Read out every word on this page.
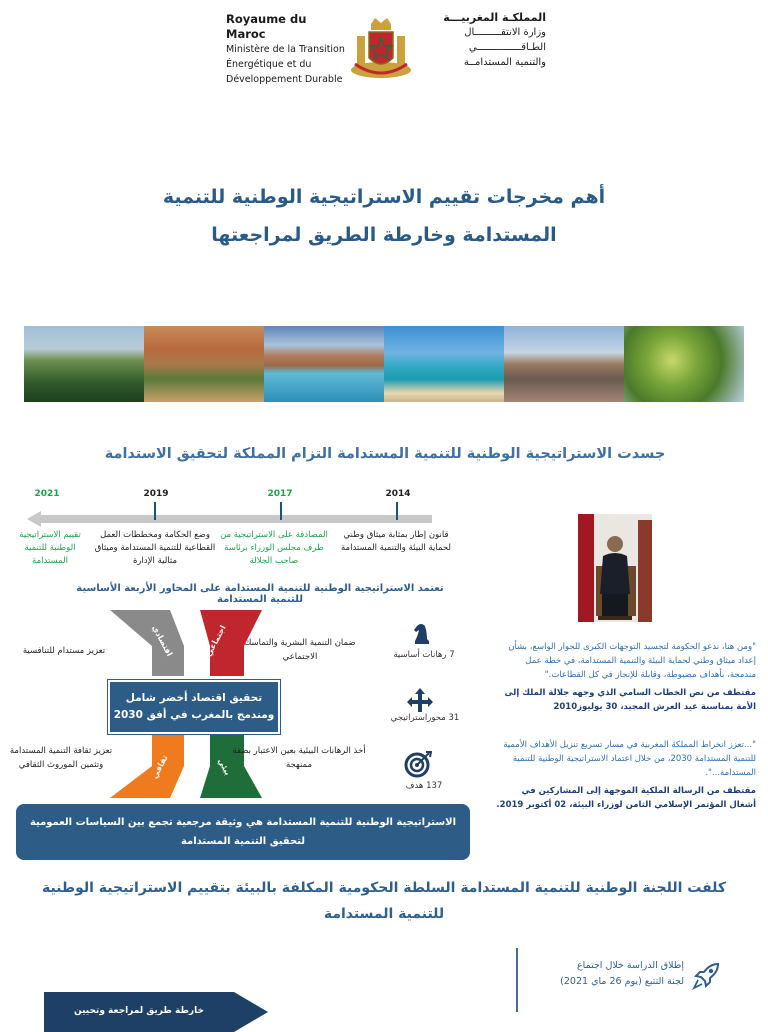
Royaume du Maroc
Ministère de la Transition
Énergétique et du
Développement Durable
المملكـة المغربيـــة
وزارة الانتقـــــــــال
الطـاقـــــــــــــــي
والتنمية المستدامــة
أهم مخرجات تقييم الاستراتيجية الوطنية للتنمية
المستدامة وخارطة الطريق لمراجعتها
جسدت الاستراتيجية الوطنية للتنمية المستدامة التزام المملكة لتحقيق الاستدامة
2021	2019	2017	2014
تقييم الاستراتيجية الوطنية للتنمية المستدامة
وضع الحكامة ومخططات العمل القطاعية للتنمية المستدامة وميثاق مثالية الإدارة
المصادقة على الاستراتيجية من طرف مجلس الوزراء برئاسة صاحب الجلالة
قانون إطار بمثابة ميثاق وطني لحماية البيئة والتنمية المستدامة
تعتمد الاستراتيجية الوطنية للتنمية المستدامة على المحاور الأربعة الأساسية للتنمية المستدامة
اقتصادي	اجتماعي
ثقافي	بيئي
تعزيز مستدام للتنافسية
ضمان التنمية البشرية والتماسك الاجتماعي
تعزيز ثقافة التنمية المستدامة وتثمين الموروث الثقافي
أخذ الرهانات البيئية بعين الاعتبار بصفة ممنهجة
تحقيق اقتصاد أخضر شامل
ومندمج بالمغرب في أفق 2030
7 رهانات أساسية
31 محوراستراتيجي
137 هدف
الاستراتيجية الوطنية للتنمية المستدامة هي وثيقة مرجعية تجمع بين السياسات العمومية
لتحقيق التنمية المستدامة
"ومن هنا، ندعو الحكومة لتجسيد التوجهات الكبرى للحوار الواسع، بشأن إعداد ميثاق وطني لحماية البيئة والتنمية المستدامة، في خطة عمل مندمجة، بأهداف مضبوطة، وقابلة للإنجاز في كل القطاعات."
مقتطف من نص الخطاب السامي الذي وجهه جلالة الملك إلى الأمة بمناسبة عيد العرش المجيد، 30 يوليوز2010
"...تعزز انخراط المملكة المغربية في مسار تسريع تنزيل الأهداف الأممية للتنمية المستدامة 2030، من خلال اعتماد الاستراتيجية الوطنية للتنمية المستدامة...".
مقتطف من الرسالة الملكية الموجهة إلى المشاركين في أشغال المؤتمر الإسلامي الثامن لوزراء البيئة، 02 أكتوبر 2019.
كلفت اللجنة الوطنية للتنمية المستدامة السلطة الحكومية المكلفة بالبيئة بتقييم الاستراتيجية الوطنية للتنمية المستدامة
إطلاق الدراسة خلال اجتماع
لجنة التتبع (يوم 26 ماي 2021)
خارطة طريق لمراجعة وتحيين
